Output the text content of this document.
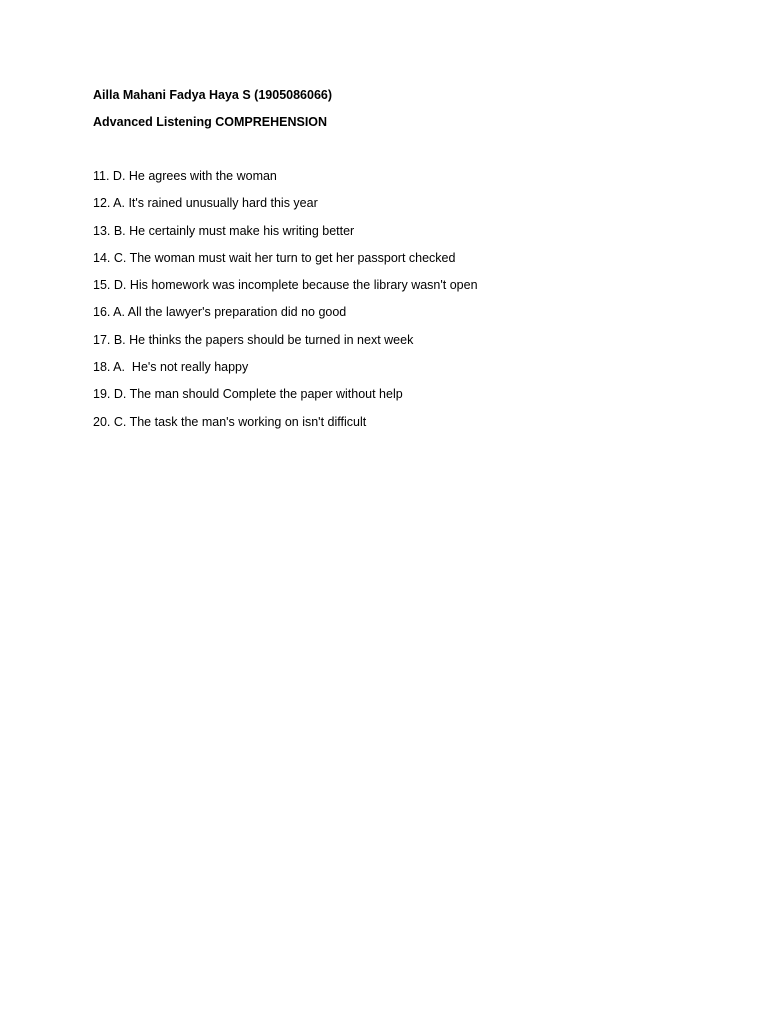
Ailla Mahani Fadya Haya S (1905086066)

Advanced Listening COMPREHENSION

11. D. He agrees with the woman
12. A. It's rained unusually hard this year
13. B. He certainly must make his writing better
14. C. The woman must wait her turn to get her passport checked
15. D. His homework was incomplete because the library wasn't open
16. A. All the lawyer's preparation did no good
17. B. He thinks the papers should be turned in next week
18. A.  He's not really happy
19. D. The man should Complete the paper without help
20. C. The task the man's working on isn't difficult
